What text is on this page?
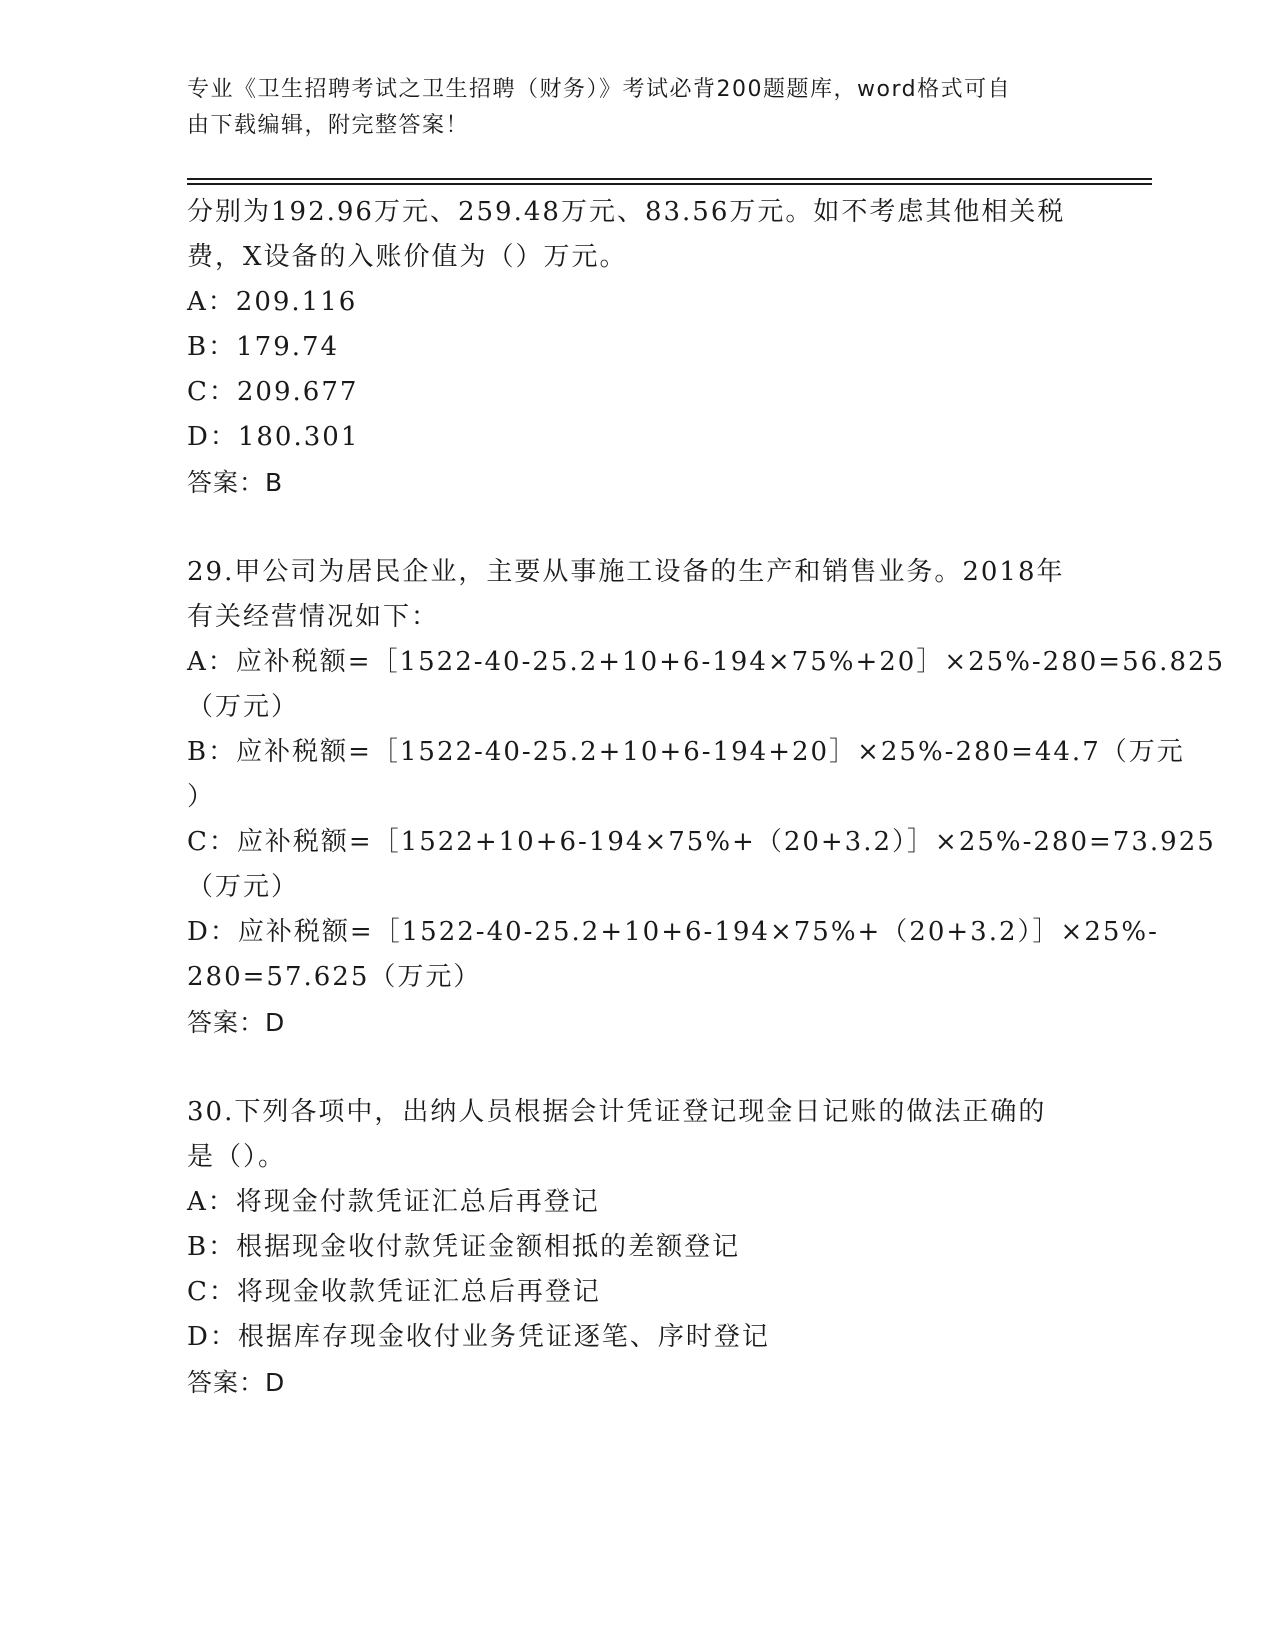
专业《卫生招聘考试之卫生招聘（财务）》考试必背200题题库，word格式可自
由下载编辑，附完整答案！
分别为192.96万元、259.48万元、83.56万元。如不考虑其他相关税
费，X设备的入账价值为（）万元。
A：209.116
B：179.74
C：209.677
D：180.301
答案：B
29.甲公司为居民企业，主要从事施工设备的生产和销售业务。2018年
有关经营情况如下：
A：应补税额=［1522-40-25.2+10+6-194×75%+20］×25%-280=56.825
（万元）
B：应补税额=［1522-40-25.2+10+6-194+20］×25%-280=44.7（万元
）
C：应补税额=［1522+10+6-194×75%+（20+3.2）］×25%-280=73.925
（万元）
D：应补税额=［1522-40-25.2+10+6-194×75%+（20+3.2）］×25%-
280=57.625（万元）
答案：D
30.下列各项中，出纳人员根据会计凭证登记现金日记账的做法正确的
是（）。
A：将现金付款凭证汇总后再登记
B：根据现金收付款凭证金额相抵的差额登记
C：将现金收款凭证汇总后再登记
D：根据库存现金收付业务凭证逐笔、序时登记
答案：D
